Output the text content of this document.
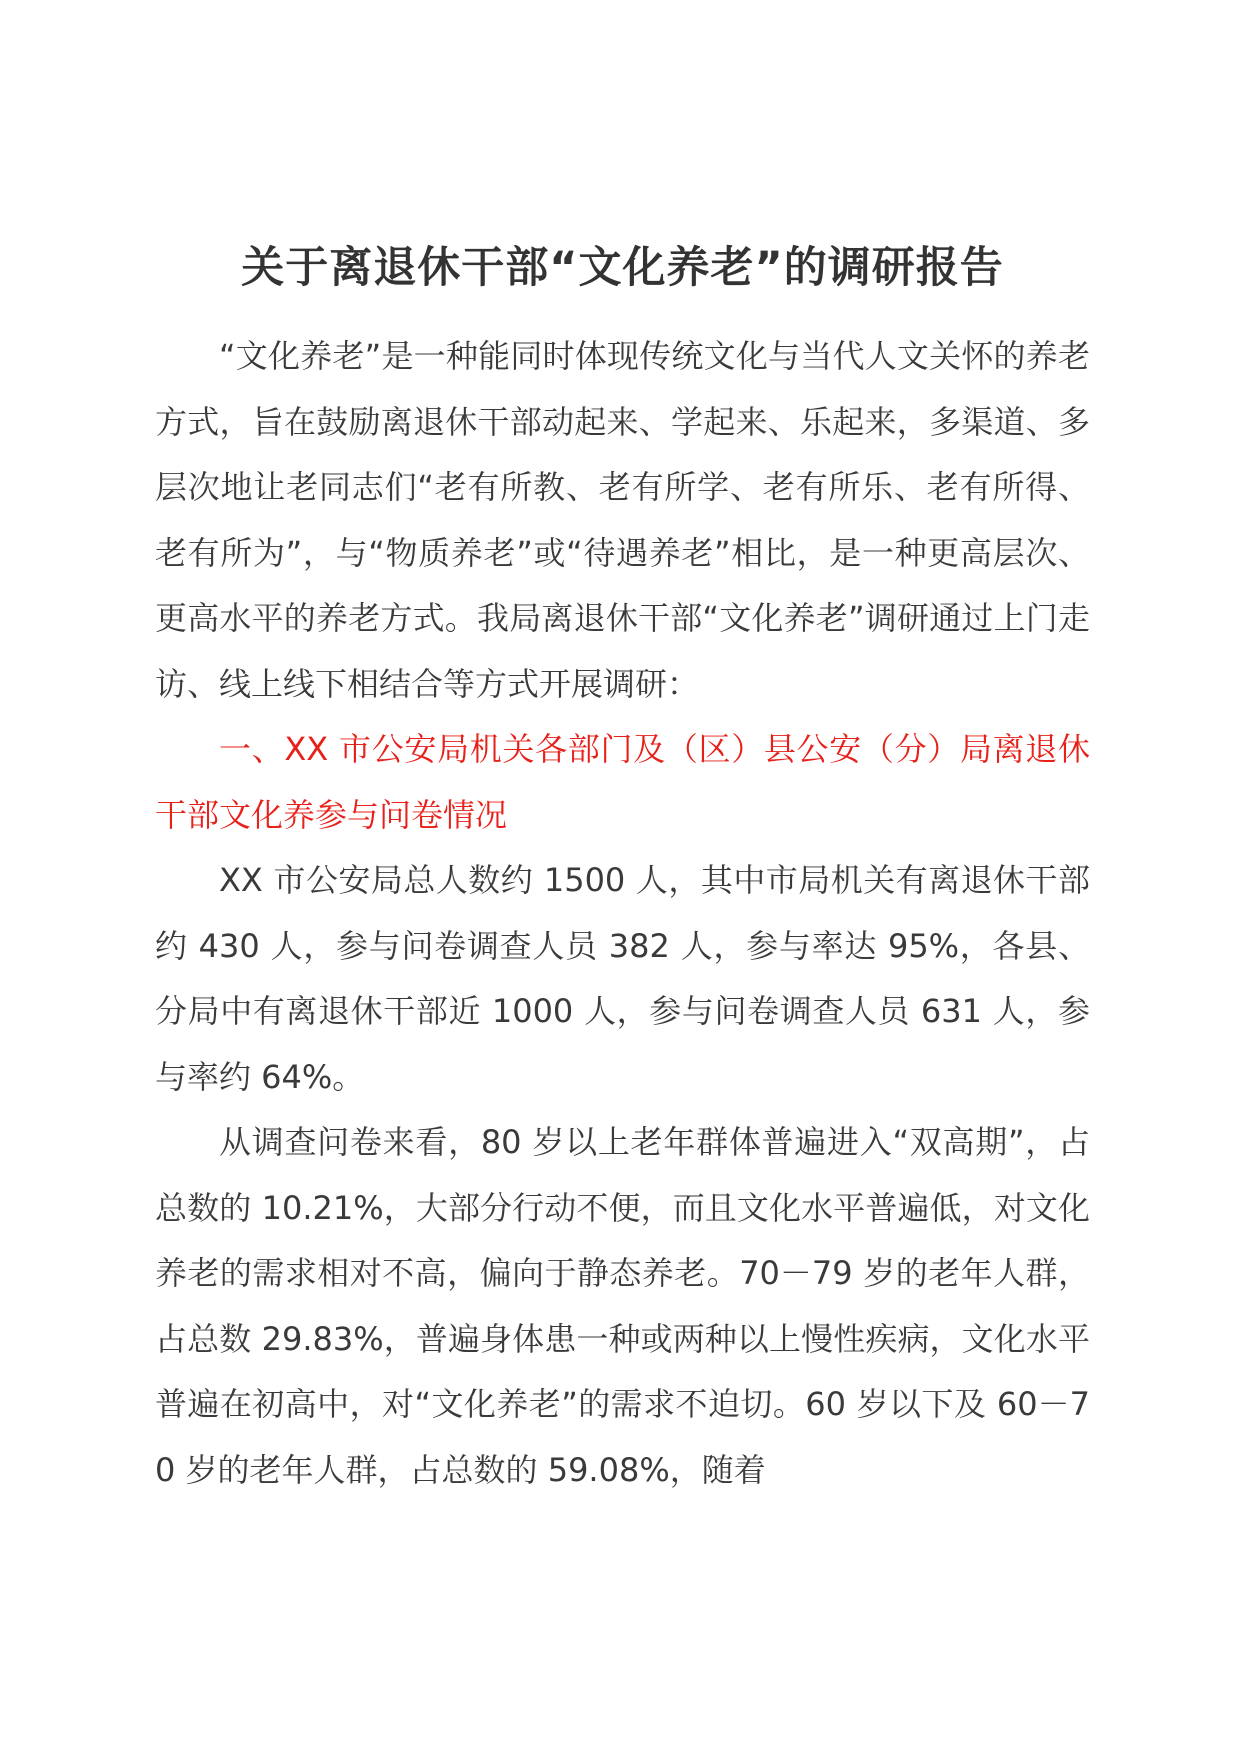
关于离退休干部“文化养老”的调研报告

“文化养老”是一种能同时体现传统文化与当代人文关怀的养老方式，旨在鼓励离退休干部动起来、学起来、乐起来，多渠道、多层次地让老同志们“老有所教、老有所学、老有所乐、老有所得、老有所为”，与“物质养老”或“待遇养老”相比，是一种更高层次、更高水平的养老方式。我局离退休干部“文化养老”调研通过上门走访、线上线下相结合等方式开展调研：

一、XX 市公安局机关各部门及（区）县公安（分）局离退休干部文化养参与问卷情况

XX 市公安局总人数约 1500 人，其中市局机关有离退休干部约 430 人，参与问卷调查人员 382 人，参与率达 95%，各县、分局中有离退休干部近 1000 人，参与问卷调查人员 631 人，参与率约 64%。

从调查问卷来看，80 岁以上老年群体普遍进入“双高期”，占总数的 10.21%，大部分行动不便，而且文化水平普遍低，对文化养老的需求相对不高，偏向于静态养老。70－79 岁的老年人群，占总数 29.83%，普遍身体患一种或两种以上慢性疾病，文化水平普遍在初高中，对“文化养老”的需求不迫切。60 岁以下及 60－70 岁的老年人群，占总数的 59.08%，随着
